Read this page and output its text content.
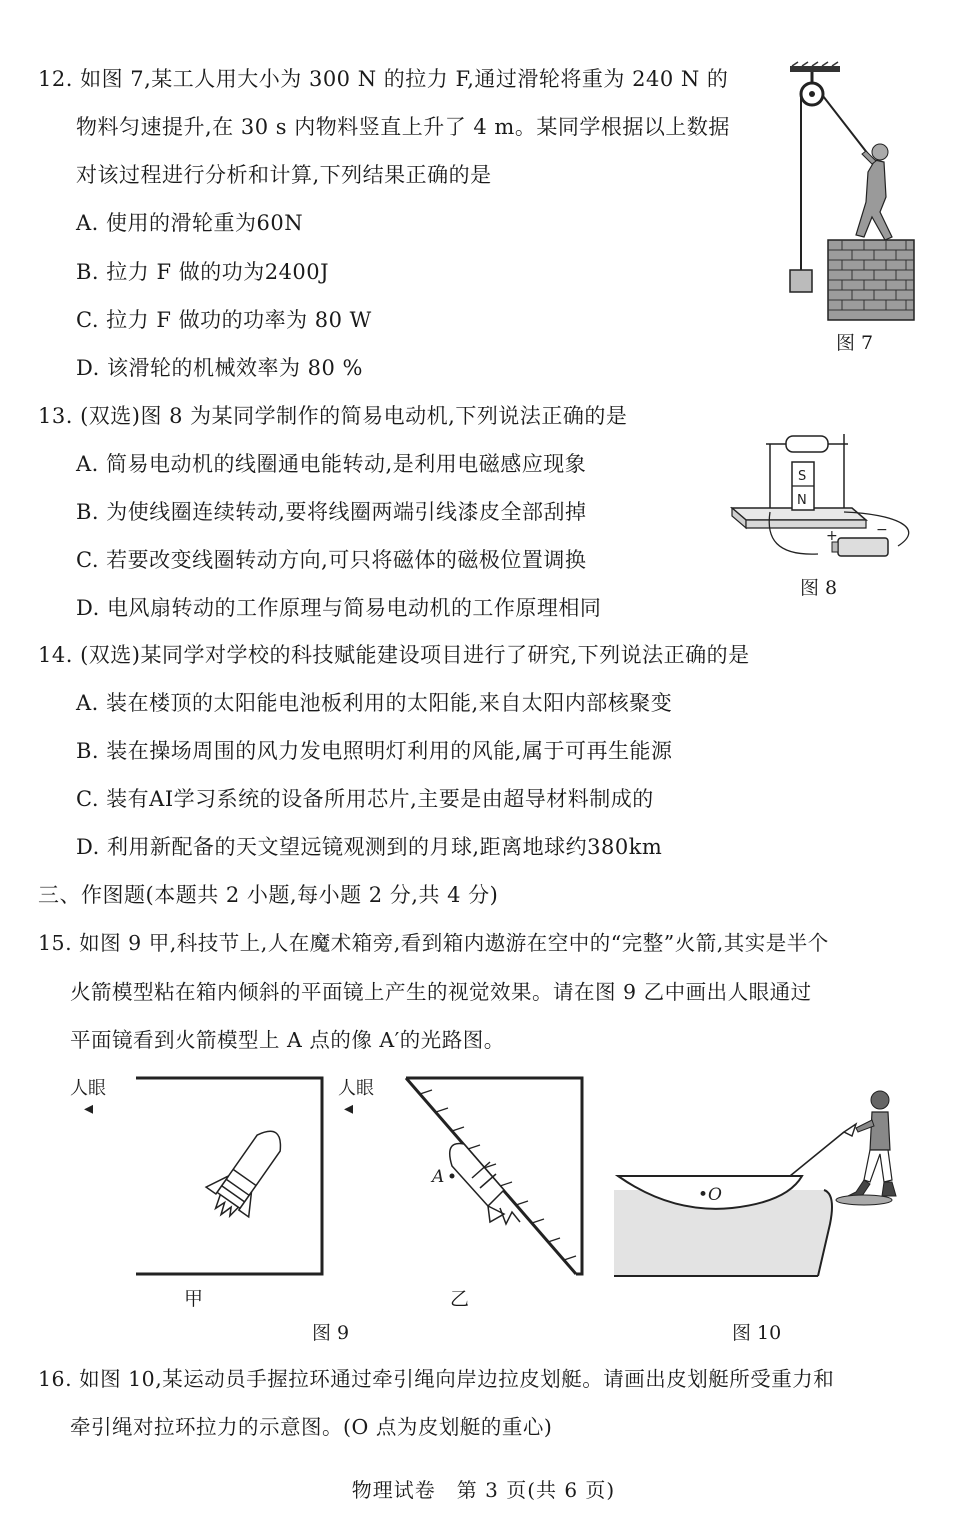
12. 如图 7,某工人用大小为 300 N 的拉力 F,通过滑轮将重为 240 N 的
物料匀速提升,在 30 s 内物料竖直上升了 4 m。某同学根据以上数据
对该过程进行分析和计算,下列结果正确的是
A. 使用的滑轮重为60N
B. 拉力 F 做的功为2400J
C. 拉力 F 做功的功率为 80 W
D. 该滑轮的机械效率为 80 %
图 7
13. (双选)图 8 为某同学制作的简易电动机,下列说法正确的是
A. 简易电动机的线圈通电能转动,是利用电磁感应现象
B. 为使线圈连续转动,要将线圈两端引线漆皮全部刮掉
C. 若要改变线圈转动方向,可只将磁体的磁极位置调换
D. 电风扇转动的工作原理与简易电动机的工作原理相同
S
N
+	−
图 8
14. (双选)某同学对学校的科技赋能建设项目进行了研究,下列说法正确的是
A. 装在楼顶的太阳能电池板利用的太阳能,来自太阳内部核聚变
B. 装在操场周围的风力发电照明灯利用的风能,属于可再生能源
C. 装有AI学习系统的设备所用芯片,主要是由超导材料制成的
D. 利用新配备的天文望远镜观测到的月球,距离地球约380km
三、作图题(本题共 2 小题,每小题 2 分,共 4 分)
15. 如图 9 甲,科技节上,人在魔术箱旁,看到箱内遨游在空中的“完整”火箭,其实是半个
火箭模型粘在箱内倾斜的平面镜上产生的视觉效果。请在图 9 乙中画出人眼通过
平面镜看到火箭模型上 A 点的像 A′的光路图。
人眼
◂
甲
人眼
◂
A
乙
图 9
•O
图 10
16. 如图 10,某运动员手握拉环通过牵引绳向岸边拉皮划艇。请画出皮划艇所受重力和
牵引绳对拉环拉力的示意图。(O 点为皮划艇的重心)
物理试卷　第 3 页(共 6 页)
